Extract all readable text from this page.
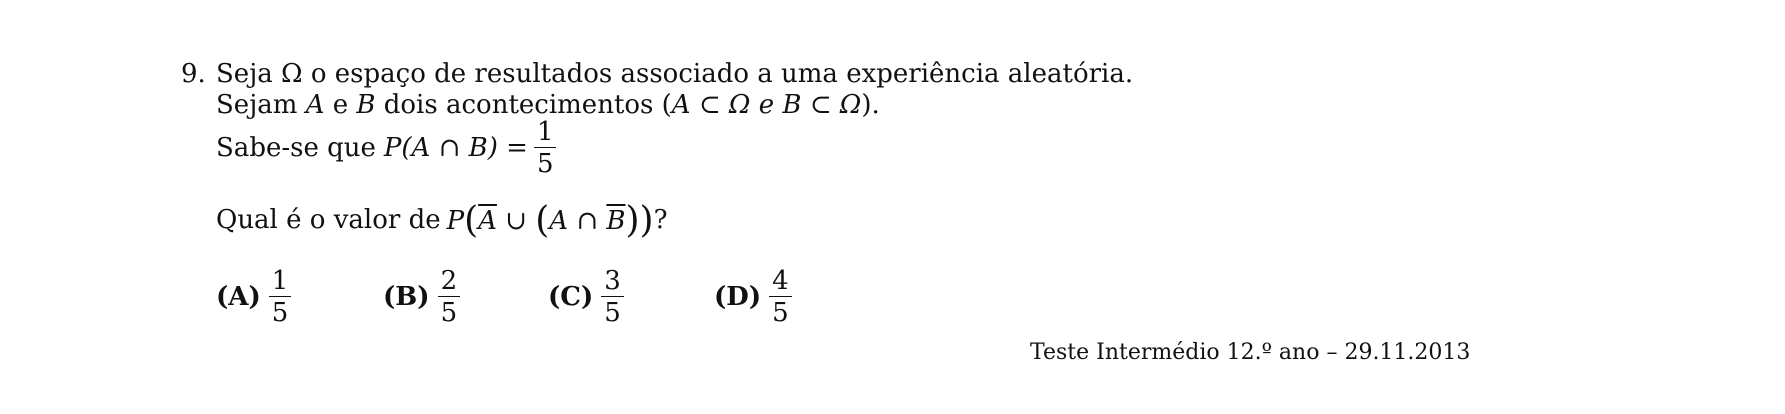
9. Seja Ω o espaço de resultados associado a uma experiência aleatória.
Sejam A e B dois acontecimentos (A ⊂ Ω e B ⊂ Ω).
Sabe-se que P(A ∩ $B) = \frac{1}{5}$
Qual é o valor de $P(\overline{A}$ ∪ (A ∩ $\overline{B}$)) ?
$(A) \frac{1}{5}$	$(B) \frac{2}{5}$	$(C) \frac{3}{5}$	$(D) \frac{4}{5}$
Teste Intermédio 12.º ano – 29.11.2013
